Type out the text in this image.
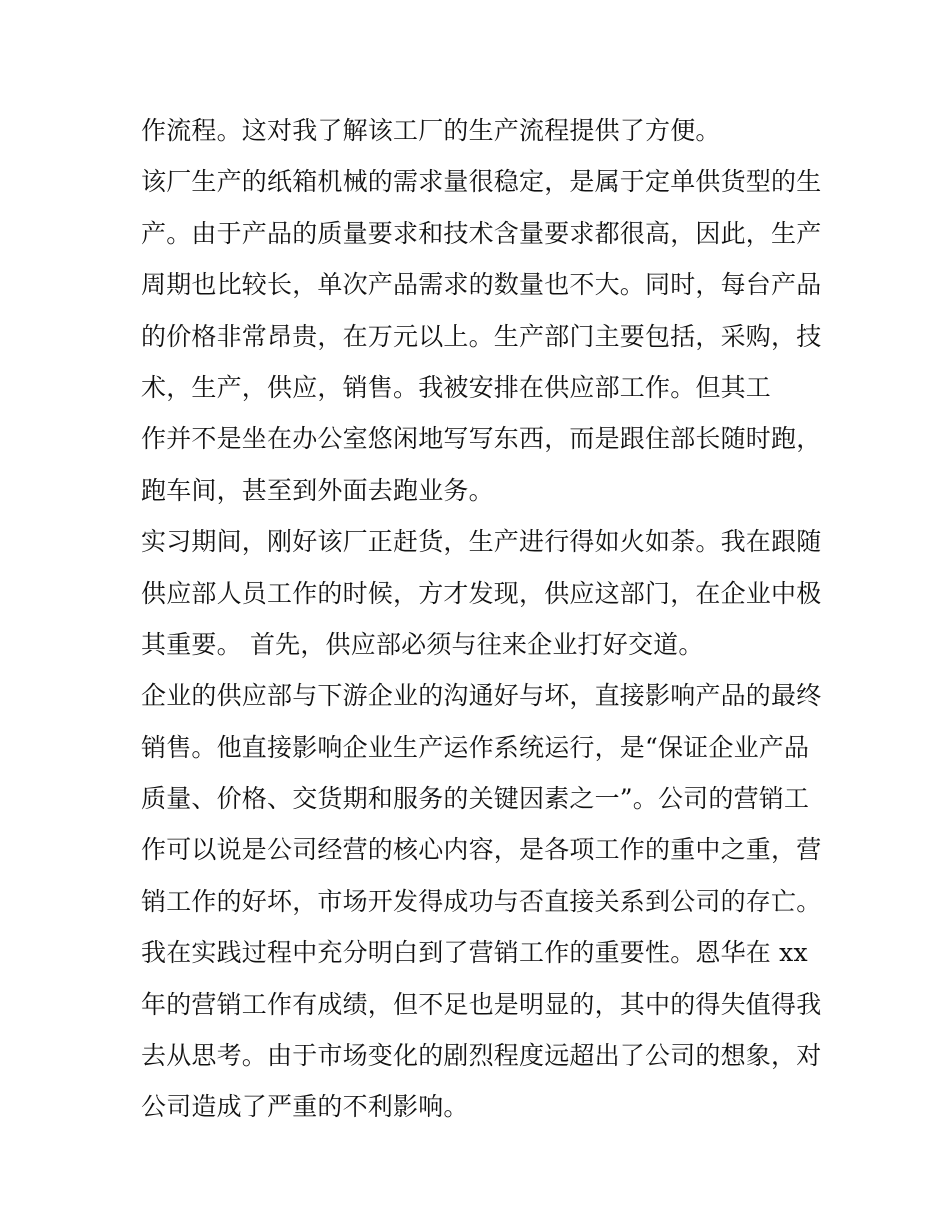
作流程。这对我了解该工厂的生产流程提供了方便。
该厂生产的纸箱机械的需求量很稳定，是属于定单供货型的生
产。由于产品的质量要求和技术含量要求都很高，因此，生产
周期也比较长，单次产品需求的数量也不大。同时，每台产品
的价格非常昂贵，在万元以上。生产部门主要包括，采购，技
术，生产，供应，销售。我被安排在供应部工作。但其工
作并不是坐在办公室悠闲地写写东西，而是跟住部长随时跑，
跑车间，甚至到外面去跑业务。
实习期间，刚好该厂正赶货，生产进行得如火如荼。我在跟随
供应部人员工作的时候，方才发现，供应这部门，在企业中极
其重要。 首先，供应部必须与往来企业打好交道。
企业的供应部与下游企业的沟通好与坏，直接影响产品的最终
销售。他直接影响企业生产运作系统运行，是“保证企业产品
质量、价格、交货期和服务的关键因素之一”。公司的营销工
作可以说是公司经营的核心内容，是各项工作的重中之重，营
销工作的好坏，市场开发得成功与否直接关系到公司的存亡。
我在实践过程中充分明白到了营销工作的重要性。恩华在 xx
年的营销工作有成绩，但不足也是明显的，其中的得失值得我
去从思考。由于市场变化的剧烈程度远超出了公司的想象，对
公司造成了严重的不利影响。
